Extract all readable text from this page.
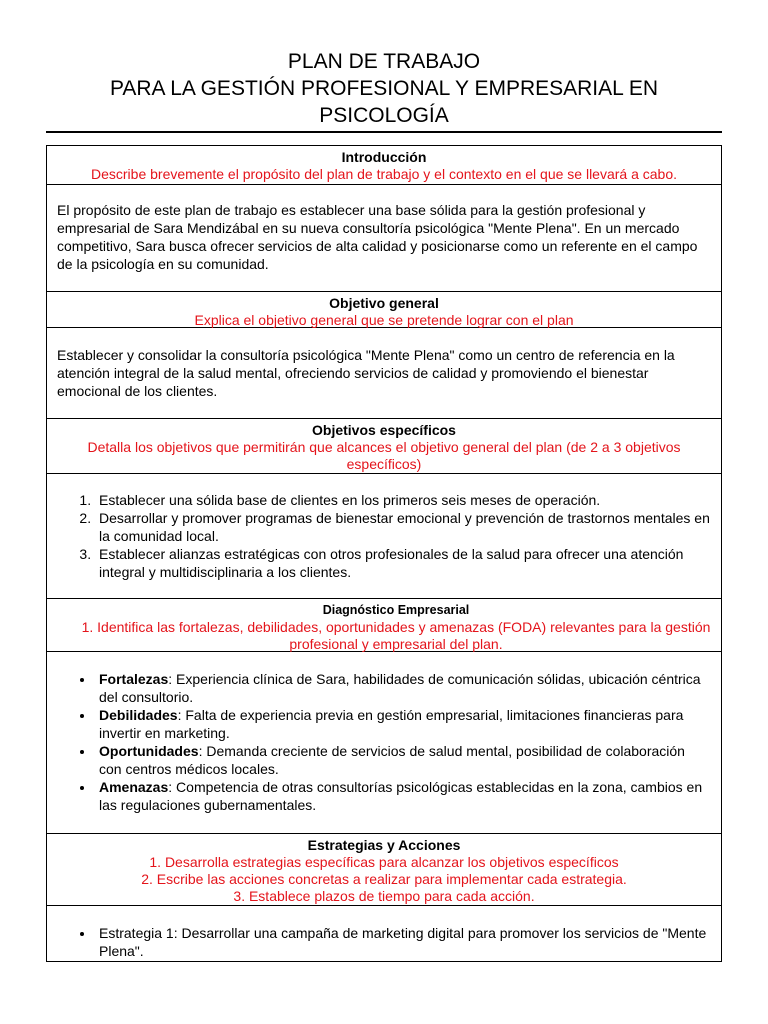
PLAN DE TRABAJO
PARA LA GESTIÓN PROFESIONAL Y EMPRESARIAL EN
PSICOLOGÍA
Introducción
Describe brevemente el propósito del plan de trabajo y el contexto en el que se llevará a cabo.

El propósito de este plan de trabajo es establecer una base sólida para la gestión profesional y empresarial de Sara Mendizábal en su nueva consultoría psicológica "Mente Plena". En un mercado competitivo, Sara busca ofrecer servicios de alta calidad y posicionarse como un referente en el campo de la psicología en su comunidad.

Objetivo general
Explica el objetivo general que se pretende lograr con el plan

Establecer y consolidar la consultoría psicológica "Mente Plena" como un centro de referencia en la atención integral de la salud mental, ofreciendo servicios de calidad y promoviendo el bienestar emocional de los clientes.

Objetivos específicos
Detalla los objetivos que permitirán que alcances el objetivo general del plan (de 2 a 3 objetivos específicos)
1. Establecer una sólida base de clientes en los primeros seis meses de operación.
2. Desarrollar y promover programas de bienestar emocional y prevención de trastornos mentales en la comunidad local.
3. Establecer alianzas estratégicas con otros profesionales de la salud para ofrecer una atención integral y multidisciplinaria a los clientes.
Diagnóstico Empresarial
1. Identifica las fortalezas, debilidades, oportunidades y amenazas (FODA) relevantes para la gestión profesional y empresarial del plan.
• Fortalezas: Experiencia clínica de Sara, habilidades de comunicación sólidas, ubicación céntrica del consultorio.
• Debilidades: Falta de experiencia previa en gestión empresarial, limitaciones financieras para invertir en marketing.
• Oportunidades: Demanda creciente de servicios de salud mental, posibilidad de colaboración con centros médicos locales.
• Amenazas: Competencia de otras consultorías psicológicas establecidas en la zona, cambios en las regulaciones gubernamentales.
Estrategias y Acciones
1. Desarrolla estrategias específicas para alcanzar los objetivos específicos
2. Escribe las acciones concretas a realizar para implementar cada estrategia.
3. Establece plazos de tiempo para cada acción.
• Estrategia 1: Desarrollar una campaña de marketing digital para promover los servicios de "Mente Plena".
